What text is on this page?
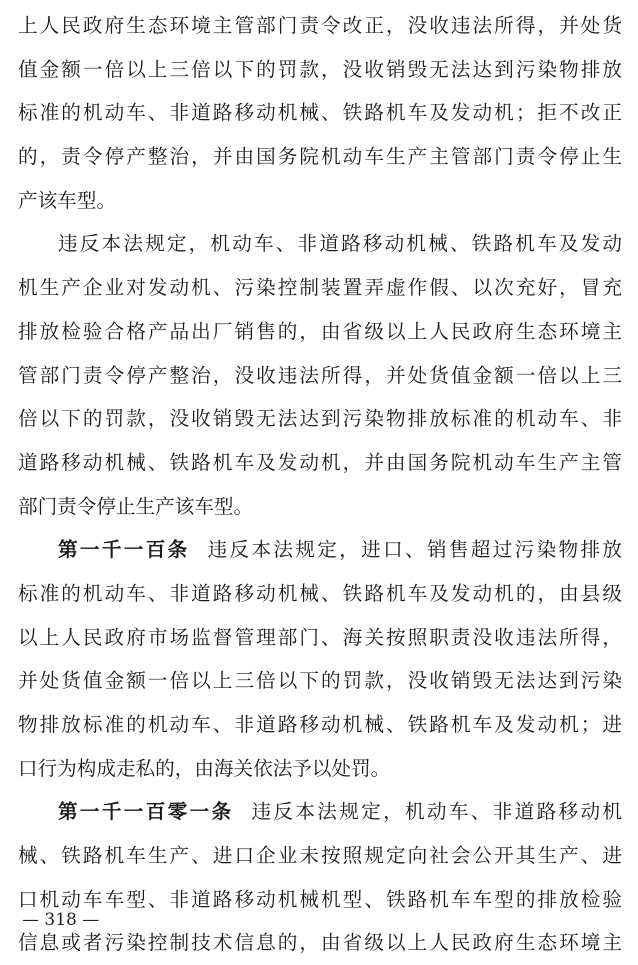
上人民政府生态环境主管部门责令改正，没收违法所得，并处货
值金额一倍以上三倍以下的罚款，没收销毁无法达到污染物排放
标准的机动车、非道路移动机械、铁路机车及发动机；拒不改正
的，责令停产整治，并由国务院机动车生产主管部门责令停止生
产该车型。
违反本法规定，机动车、非道路移动机械、铁路机车及发动
机生产企业对发动机、污染控制装置弄虚作假、以次充好，冒充
排放检验合格产品出厂销售的，由省级以上人民政府生态环境主
管部门责令停产整治，没收违法所得，并处货值金额一倍以上三
倍以下的罚款，没收销毁无法达到污染物排放标准的机动车、非
道路移动机械、铁路机车及发动机，并由国务院机动车生产主管
部门责令停止生产该车型。
第一千一百条 违反本法规定，进口、销售超过污染物排放
标准的机动车、非道路移动机械、铁路机车及发动机的，由县级
以上人民政府市场监督管理部门、海关按照职责没收违法所得，
并处货值金额一倍以上三倍以下的罚款，没收销毁无法达到污染
物排放标准的机动车、非道路移动机械、铁路机车及发动机；进
口行为构成走私的，由海关依法予以处罚。
第一千一百零一条 违反本法规定，机动车、非道路移动机
械、铁路机车生产、进口企业未按照规定向社会公开其生产、进
口机动车车型、非道路移动机械机型、铁路机车车型的排放检验
信息或者污染控制技术信息的，由省级以上人民政府生态环境主
— 318 —
